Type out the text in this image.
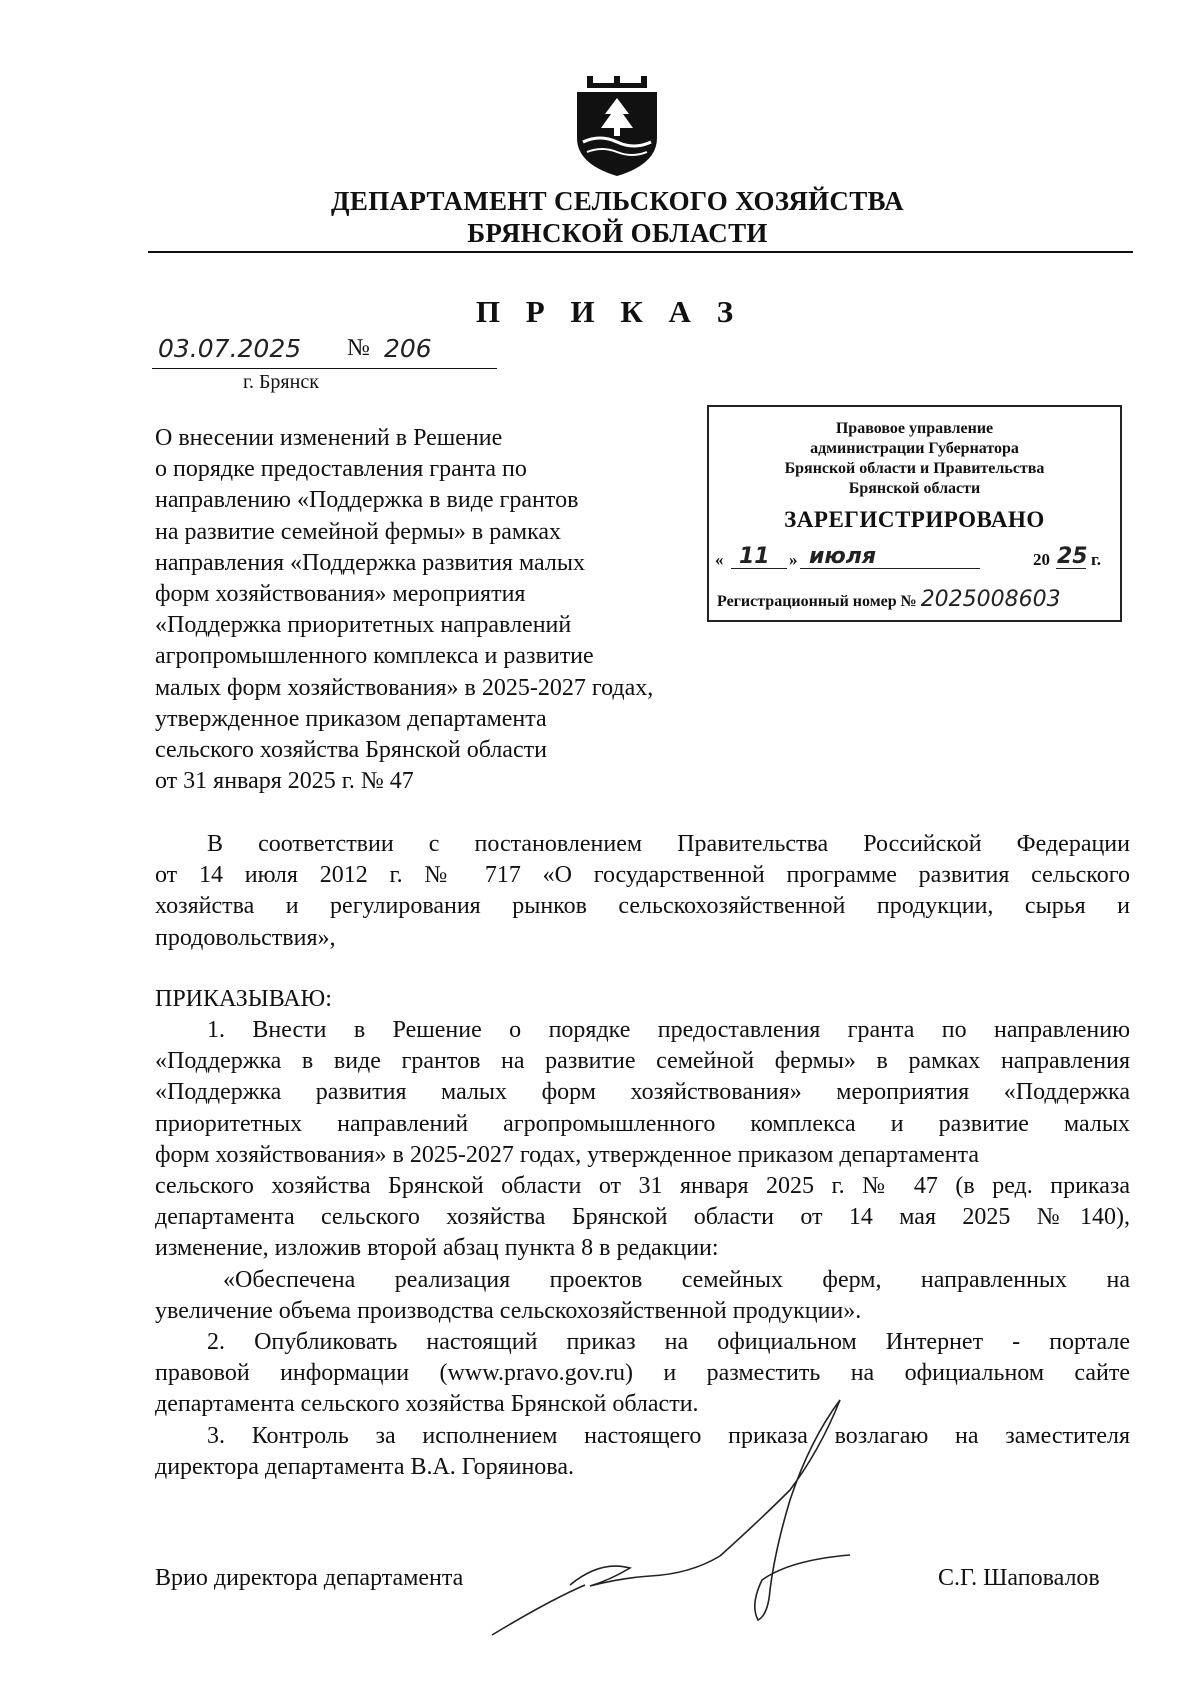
ДЕПАРТАМЕНТ СЕЛЬСКОГО ХОЗЯЙСТВА
БРЯНСКОЙ ОБЛАСТИ
П Р И К А З
03.07.2025 № 206
г. Брянск
О внесении изменений в Решение
о порядке предоставления гранта по
направлению «Поддержка в виде грантов
на развитие семейной фермы» в рамках
направления «Поддержка развития малых
форм хозяйствования» мероприятия
«Поддержка приоритетных направлений
агропромышленного комплекса и развитие
малых форм хозяйствования» в 2025-2027 годах,
утвержденное приказом департамента
сельского хозяйства Брянской области
от 31 января 2025 г. № 47
Правовое управление
администрации Губернатора
Брянской области и Правительства
Брянской области
ЗАРЕГИСТРИРОВАНО
« 11 » июля	20 25 г.
Регистрационный номер № 2025008603
В соответствии с постановлением Правительства Российской Федерации
от 14 июля 2012 г. № 717 «О государственной программе развития сельского
хозяйства и регулирования рынков сельскохозяйственной продукции, сырья и
продовольствия»,
ПРИКАЗЫВАЮ:
1. Внести в Решение о порядке предоставления гранта по направлению
«Поддержка в виде грантов на развитие семейной фермы» в рамках направления
«Поддержка развития малых форм хозяйствования» мероприятия «Поддержка
приоритетных направлений агропромышленного комплекса и развитие малых
форм хозяйствования» в 2025-2027 годах, утвержденное приказом департамента
сельского хозяйства Брянской области от 31 января 2025 г. № 47 (в ред. приказа
департамента сельского хозяйства Брянской области от 14 мая 2025 №140),
изменение, изложив второй абзац пункта 8 в редакции:
«Обеспечена реализация проектов семейных ферм, направленных на
увеличение объема производства сельскохозяйственной продукции».
2. Опубликовать настоящий приказ на официальном Интернет - портале
правовой информации (www.pravo.gov.ru) и разместить на официальном сайте
департамента сельского хозяйства Брянской области.
3. Контроль за исполнением настоящего приказа возлагаю на заместителя
директора департамента В.А. Горяинова.
Врио директора департамента	С.Г. Шаповалов
